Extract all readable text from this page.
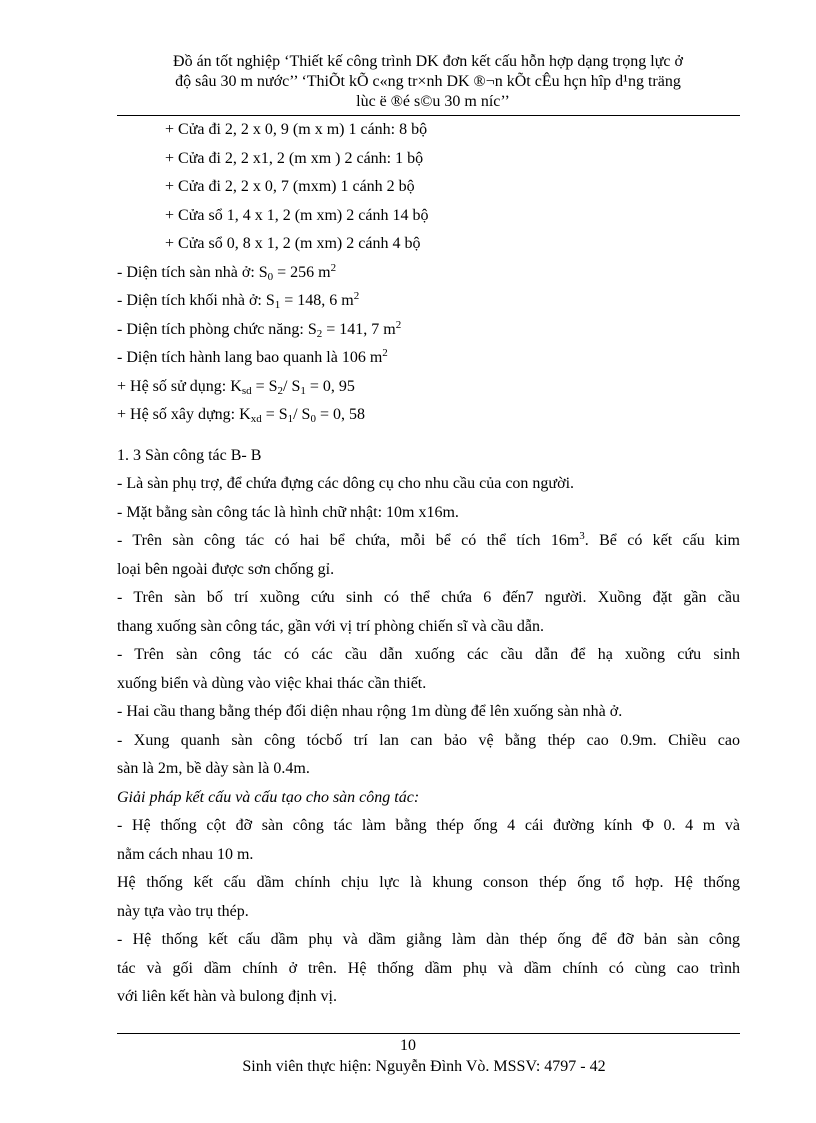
Đồ án tốt nghiệp ‘Thiết kế công trình DK đơn kết cấu hỗn hợp dạng trọng lực ở
độ sâu 30 m nước’’ ‘ThiÕt kÕ c«ng tr×nh DK ®¬n kÕt cÊu hçn hîp d¹ng träng
lùc ë ®é s©u 30 m níc’’
+ Cửa đi 2, 2 x 0, 9 (m x m) 1 cánh: 8 bộ
+ Cửa đi 2, 2 x1, 2 (m xm ) 2 cánh: 1 bộ
+ Cửa đi 2, 2 x 0, 7 (mxm) 1 cánh 2 bộ
+ Cửa sổ 1, 4 x 1, 2 (m xm) 2 cánh 14 bộ
+ Cửa sổ 0, 8 x 1, 2 (m xm) 2 cánh 4 bộ
- Diện tích sàn nhà ở: $S_0 = 256$ $m^2$
- Diện tích khối nhà ở: $S_1 = 148$, 6 $m^2$
- Diện tích phòng chức năng: $S_2 = 141$, 7 $m^2$
- Diện tích hành lang bao quanh là 106 $m^2$
+ Hệ số sử dụng: $K_{sd} = S_2/$ $S_1 = 0$, 95
+ Hệ số xây dựng: $K_{xd} = S_1/$ $S_0 = 0$, 58
1. 3 Sàn công tác B- B
- Là sàn phụ trợ, để chứa đựng các dông cụ cho nhu cầu của con người.
- Mặt bằng sàn công tác là hình chữ nhật: 10m x16m.
- Trên sàn công tác có hai bể chứa, mỗi bể có thể tích $16m^3$. Bể có kết cấu kim
loại bên ngoài được sơn chống gỉ.
- Trên sàn bố trí xuồng cứu sinh có thể chứa 6 đến7 người. Xuồng đặt gần cầu
thang xuống sàn công tác, gần với vị trí phòng chiến sĩ và cầu dẫn.
- Trên sàn công tác có các cầu dẫn xuống các cầu dẫn để hạ xuồng cứu sinh
xuống biển và dùng vào việc khai thác cần thiết.
- Hai cầu thang bằng thép đối diện nhau rộng 1m dùng để lên xuống sàn nhà ở.
- Xung quanh sàn công tócbố trí lan can bảo vệ bằng thép cao 0.9m. Chiều cao
sàn là 2m, bề dày sàn là 0.4m.
Giải pháp kết cấu và cấu tạo cho sàn công tác:
- Hệ thống cột đỡ sàn công tác làm bằng thép ống 4 cái đường kính Φ 0. 4 m và
nằm cách nhau 10 m.
Hệ thống kết cấu dầm chính chịu lực là khung conson thép ống tổ hợp. Hệ thống
này tựa vào trụ thép.
- Hệ thống kết cấu dầm phụ và dầm giằng làm dàn thép ống để đỡ bản sàn công
tác và gối dầm chính ở trên. Hệ thống dầm phụ và dầm chính có cùng cao trình
với liên kết hàn và bulong định vị.
10
Sinh viên thực hiện: Nguyễn Đình Vò. MSSV: 4797 - 42
